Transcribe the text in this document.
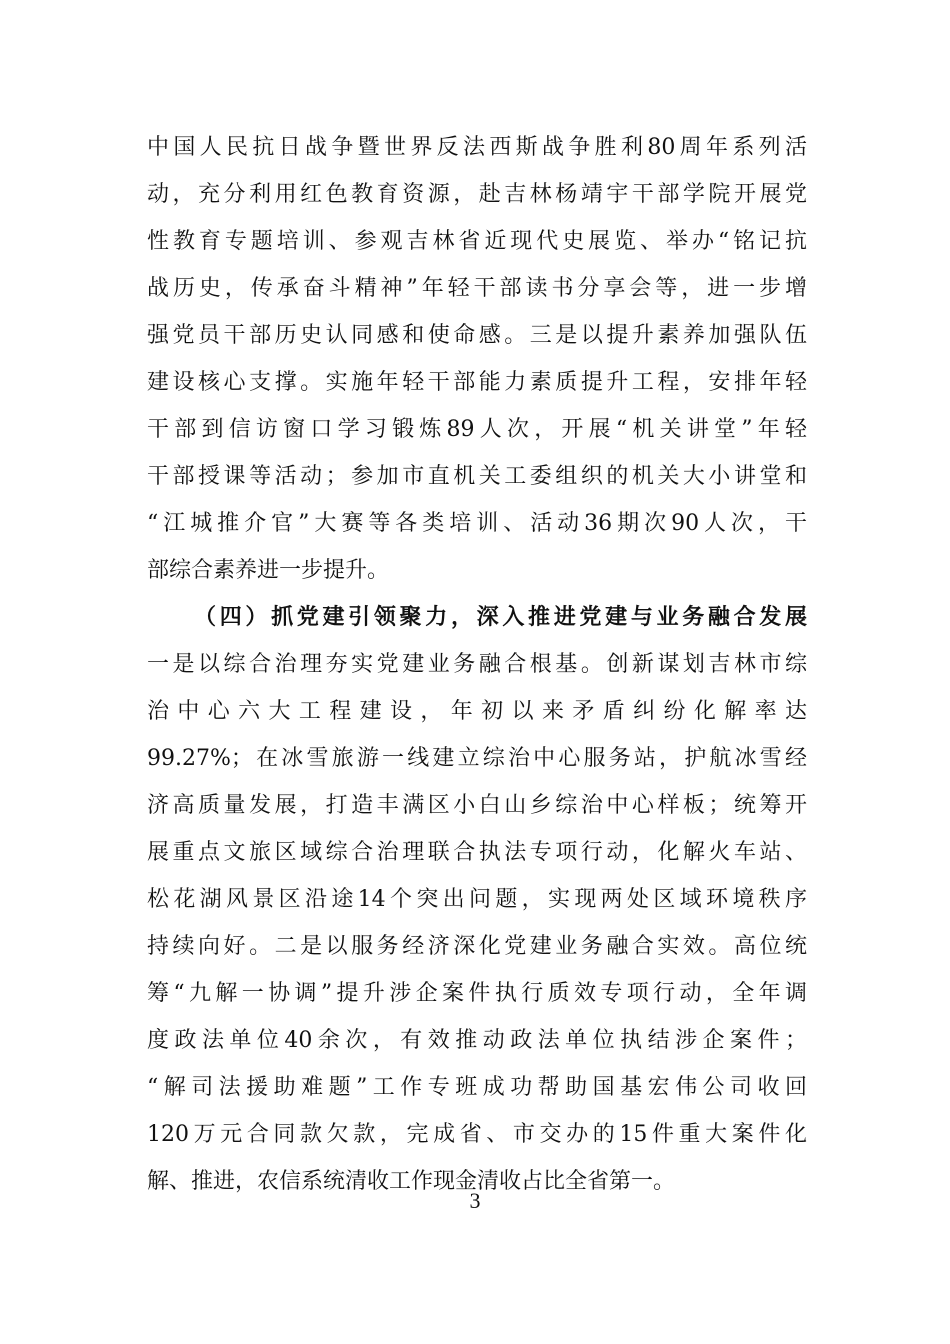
中国人民抗日战争暨世界反法西斯战争胜利80周年系列活
动，充分利用红色教育资源，赴吉林杨靖宇干部学院开展党
性教育专题培训、参观吉林省近现代史展览、举办“铭记抗
战历史，传承奋斗精神”年轻干部读书分享会等，进一步增
强党员干部历史认同感和使命感。三是以提升素养加强队伍
建设核心支撑。实施年轻干部能力素质提升工程，安排年轻
干部到信访窗口学习锻炼89人次，开展“机关讲堂”年轻
干部授课等活动；参加市直机关工委组织的机关大小讲堂和
“江城推介官”大赛等各类培训、活动36期次90人次，干
部综合素养进一步提升。
（四）抓党建引领聚力，深入推进党建与业务融合发展
一是以综合治理夯实党建业务融合根基。创新谋划吉林市综
治中心六大工程建设，年初以来矛盾纠纷化解率达
99.27%；在冰雪旅游一线建立综治中心服务站，护航冰雪经
济高质量发展，打造丰满区小白山乡综治中心样板；统筹开
展重点文旅区域综合治理联合执法专项行动，化解火车站、
松花湖风景区沿途14个突出问题，实现两处区域环境秩序
持续向好。二是以服务经济深化党建业务融合实效。高位统
筹“九解一协调”提升涉企案件执行质效专项行动，全年调
度政法单位40余次，有效推动政法单位执结涉企案件；
“解司法援助难题”工作专班成功帮助国基宏伟公司收回
120万元合同款欠款，完成省、市交办的15件重大案件化
解、推进，农信系统清收工作现金清收占比全省第一。
3
